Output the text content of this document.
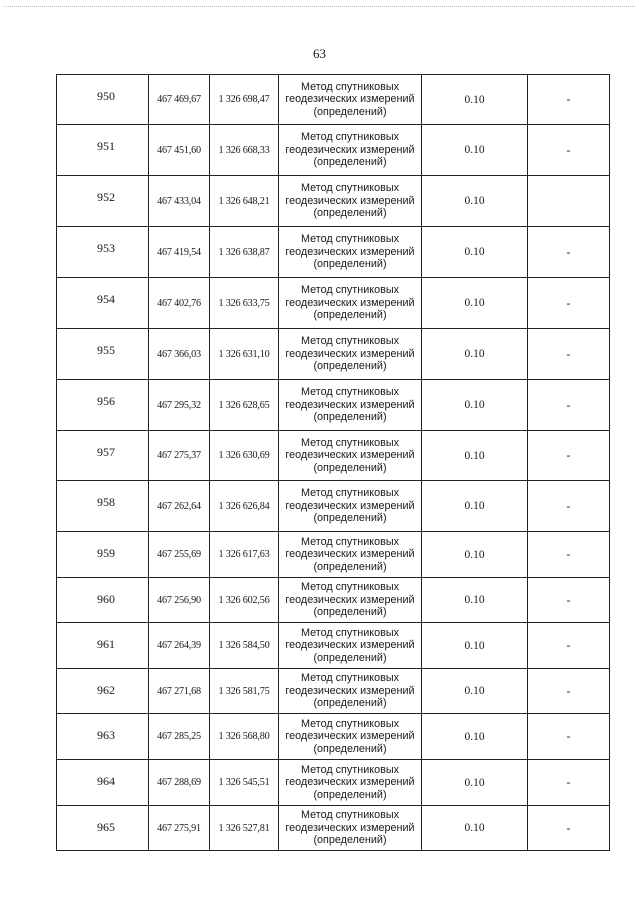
63
950	467 469,67	1 326 698,47	Метод спутниковых
геодезических измерений
(определений)	0.10	-

951	467 451,60	1 326 668,33	Метод спутниковых
геодезических измерений
(определений)	0.10	-

952	467 433,04	1 326 648,21	Метод спутниковых
геодезических измерений
(определений)	0.10	

953	467 419,54	1 326 638,87	Метод спутниковых
геодезических измерений
(определений)	0.10	-

954	467 402,76	1 326 633,75	Метод спутниковых
геодезических измерений
(определений)	0.10	-

955	467 366,03	1 326 631,10	Метод спутниковых
геодезических измерений
(определений)	0.10	-

956	467 295,32	1 326 628,65	Метод спутниковых
геодезических измерений
(определений)	0.10	-

957	467 275,37	1 326 630,69	Метод спутниковых
геодезических измерений
(определений)	0.10	-

958	467 262,64	1 326 626,84	Метод спутниковых
геодезических измерений
(определений)	0.10	-

959	467 255,69	1 326 617,63	Метод спутниковых
геодезических измерений
(определений)	0.10	-

960	467 256,90	1 326 602,56	Метод спутниковых
геодезических измерений
(определений)	0.10	-

961	467 264,39	1 326 584,50	Метод спутниковых
геодезических измерений
(определений)	0.10	-

962	467 271,68	1 326 581,75	Метод спутниковых
геодезических измерений
(определений)	0.10	-

963	467 285,25	1 326 568,80	Метод спутниковых
геодезических измерений
(определений)	0.10	-

964	467 288,69	1 326 545,51	Метод спутниковых
геодезических измерений
(определений)	0.10	-

965	467 275,91	1 326 527,81	Метод спутниковых
геодезических измерений
(определений)	0.10	-
